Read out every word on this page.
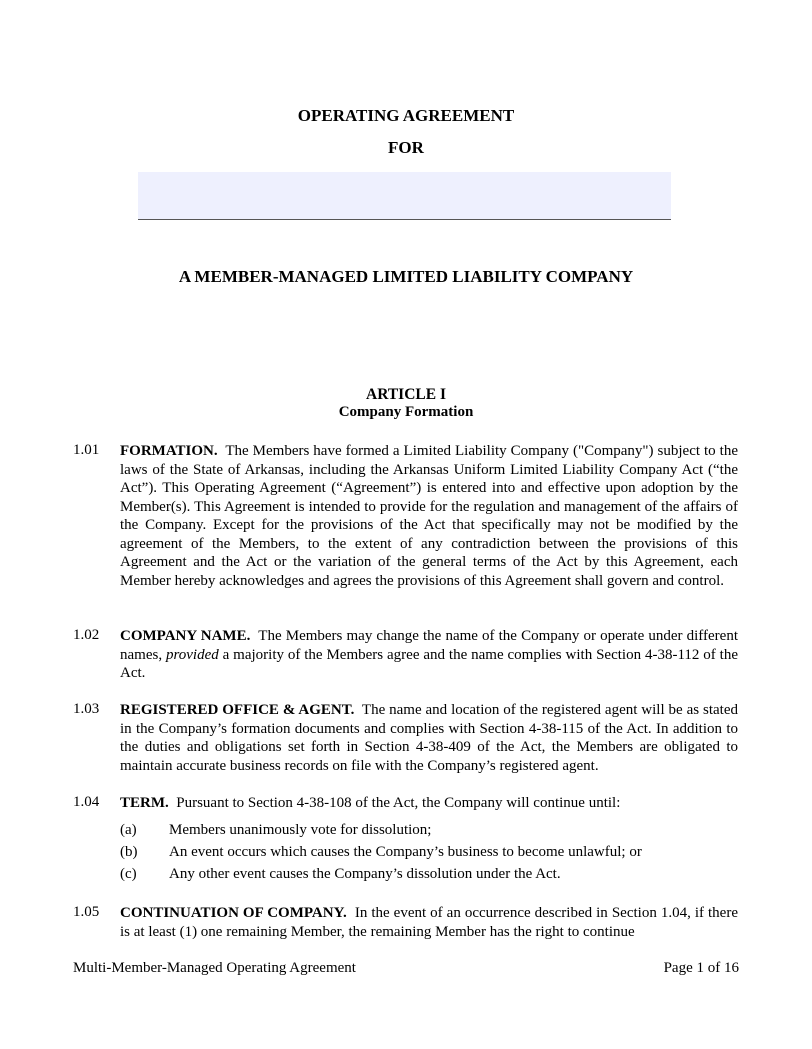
OPERATING AGREEMENT
FOR
A MEMBER-MANAGED LIMITED LIABILITY COMPANY
ARTICLE I
Company Formation
1.01	FORMATION. The Members have formed a Limited Liability Company ("Company") subject to the laws of the State of Arkansas, including the Arkansas Uniform Limited Liability Company Act (“the Act”). This Operating Agreement (“Agreement”) is entered into and effective upon adoption by the Member(s). This Agreement is intended to provide for the regulation and management of the affairs of the Company. Except for the provisions of the Act that specifically may not be modified by the agreement of the Members, to the extent of any contradiction between the provisions of this Agreement and the Act or the variation of the general terms of the Act by this Agreement, each Member hereby acknowledges and agrees the provisions of this Agreement shall govern and control.
1.02	COMPANY NAME. The Members may change the name of the Company or operate under different names, provided a majority of the Members agree and the name complies with Section 4-38-112 of the Act.
1.03	REGISTERED OFFICE & AGENT. The name and location of the registered agent will be as stated in the Company’s formation documents and complies with Section 4-38-115 of the Act. In addition to the duties and obligations set forth in Section 4-38-409 of the Act, the Members are obligated to maintain accurate business records on file with the Company’s registered agent.
1.04	TERM. Pursuant to Section 4-38-108 of the Act, the Company will continue until:
(a) Members unanimously vote for dissolution;
(b) An event occurs which causes the Company’s business to become unlawful; or
(c) Any other event causes the Company’s dissolution under the Act.
1.05	CONTINUATION OF COMPANY. In the event of an occurrence described in Section 1.04, if there is at least (1) one remaining Member, the remaining Member has the right to continue
Multi-Member-Managed Operating Agreement	Page 1 of 16
